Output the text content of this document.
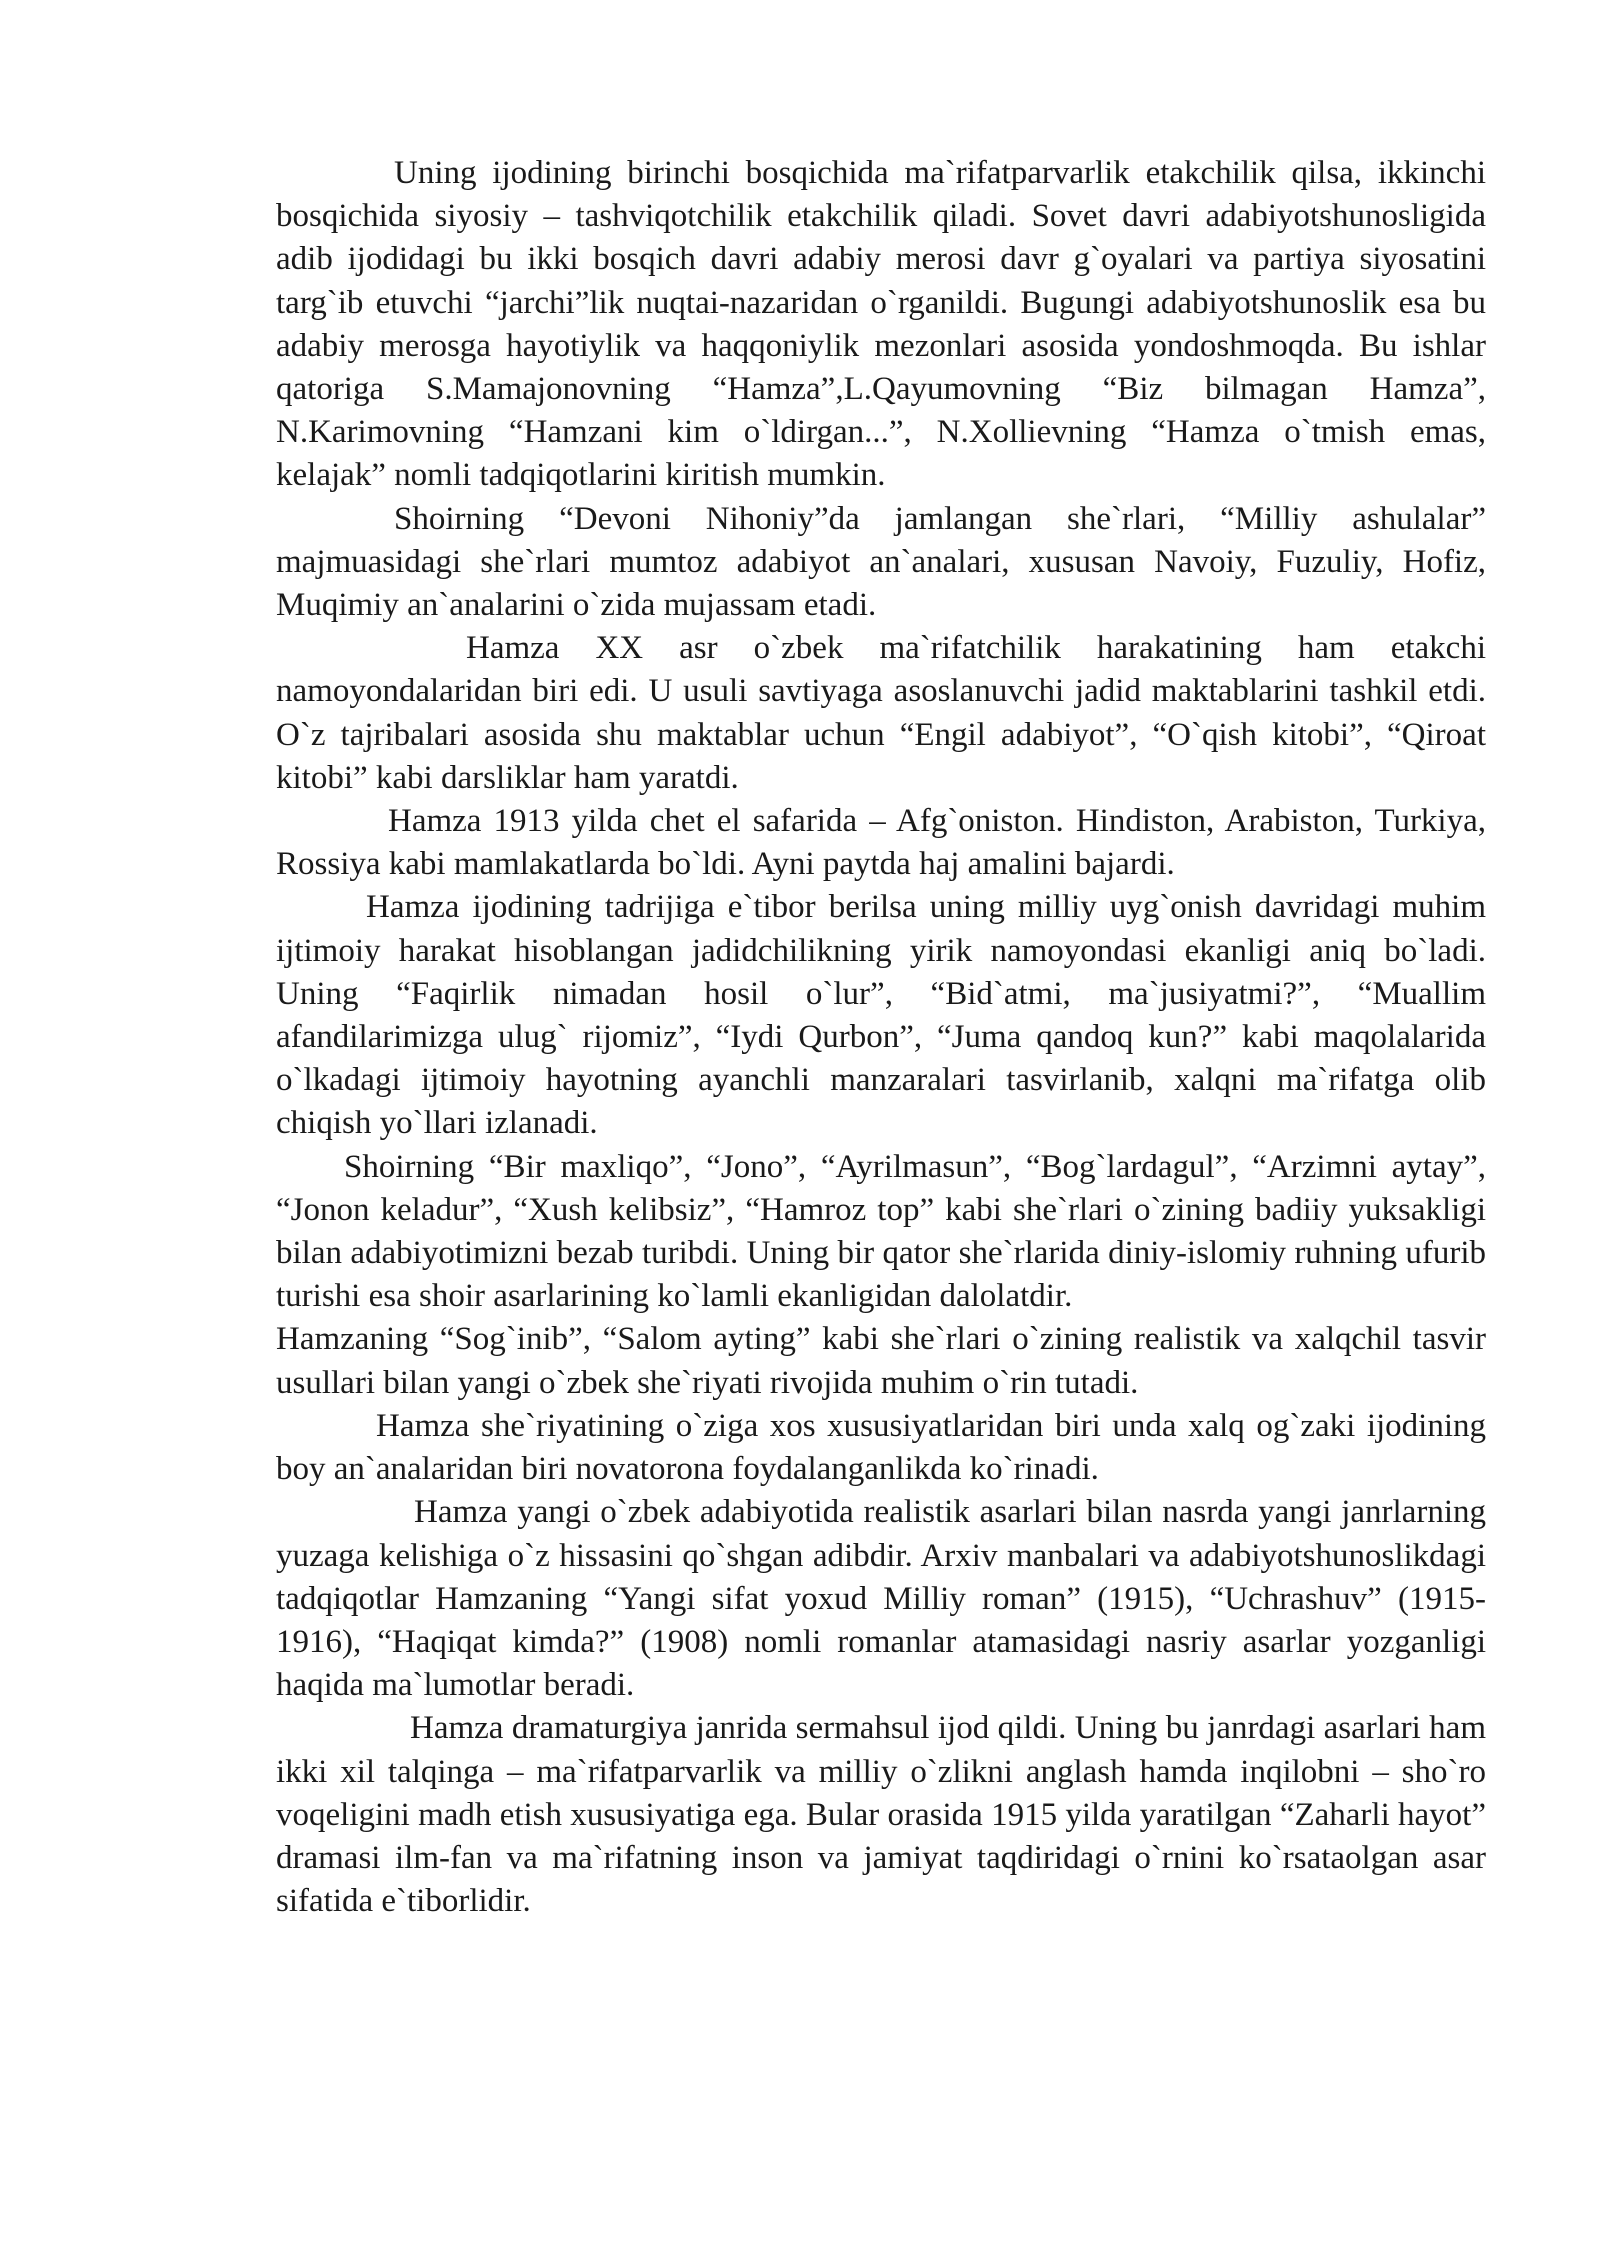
Uning ijodining birinchi bosqichida ma`rifatparvarlik etakchilik qilsa, ikkinchi bosqichida siyosiy – tashviqotchilik etakchilik qiladi. Sovet davri adabiyotshunosligida adib ijodidagi bu ikki bosqich davri adabiy merosi davr g`oyalari va partiya siyosatini targ`ib etuvchi “jarchi”lik nuqtai-nazaridan o`rganildi. Bugungi adabiyotshunoslik esa bu adabiy merosga hayotiylik va haqqoniylik mezonlari asosida yondoshmoqda. Bu ishlar qatoriga S.Mamajonovning “Hamza”,L.Qayumovning “Biz bilmagan Hamza”, N.Karimovning “Hamzani kim o`ldirgan...”, N.Xollievning “Hamza o`tmish emas, kelajak” nomli tadqiqotlarini kiritish mumkin.

Shoirning “Devoni Nihoniy”da jamlangan she`rlari, “Milliy ashulalar” majmuasidagi she`rlari mumtoz adabiyot an`analari, xususan Navoiy, Fuzuliy, Hofiz, Muqimiy an`analarini o`zida mujassam etadi.

Hamza XX asr o`zbek ma`rifatchilik harakatining ham etakchi namoyondalaridan biri edi. U usuli savtiyaga asoslanuvchi jadid maktablarini tashkil etdi. O`z tajribalari asosida shu maktablar uchun “Engil adabiyot”, “O`qish kitobi”, “Qiroat kitobi” kabi darsliklar ham yaratdi.

Hamza 1913 yilda chet el safarida – Afg`oniston. Hindiston, Arabiston, Turkiya, Rossiya kabi mamlakatlarda bo`ldi. Ayni paytda haj amalini bajardi.

Hamza ijodining tadrijiga e`tibor berilsa uning milliy uyg`onish davridagi muhim ijtimoiy harakat hisoblangan jadidchilikning yirik namoyondasi ekanligi aniq bo`ladi. Uning “Faqirlik nimadan hosil o`lur”, “Bid`atmi, ma`jusiyatmi?”, “Muallim afandilarimizga ulug` rijomiz”, “Iydi Qurbon”, “Juma qandoq kun?” kabi maqolalarida o`lkadagi ijtimoiy hayotning ayanchli manzaralari tasvirlanib, xalqni ma`rifatga olib chiqish yo`llari izlanadi.

Shoirning “Bir maxliqo”, “Jono”, “Ayrilmasun”, “Bog`lardagul”, “Arzimni aytay”, “Jonon keladur”, “Xush kelibsiz”, “Hamroz top” kabi she`rlari o`zining badiiy yuksakligi bilan adabiyotimizni bezab turibdi. Uning bir qator she`rlarida diniy-islomiy ruhning ufurib turishi esa shoir asarlarining ko`lamli ekanligidan dalolatdir.

Hamzaning “Sog`inib”, “Salom ayting” kabi she`rlari o`zining realistik va xalqchil tasvir usullari bilan yangi o`zbek she`riyati rivojida muhim o`rin tutadi.

Hamza she`riyatining o`ziga xos xususiyatlaridan biri unda xalq og`zaki ijodining boy an`analaridan biri novatorona foydalanganlikda ko`rinadi.

Hamza yangi o`zbek adabiyotida realistik asarlari bilan nasrda yangi janrlarning yuzaga kelishiga o`z hissasini qo`shgan adibdir. Arxiv manbalari va adabiyotshunoslikdagi tadqiqotlar Hamzaning “Yangi sifat yoxud Milliy roman” (1915), “Uchrashuv” (1915-1916), “Haqiqat kimda?” (1908) nomli romanlar atamasidagi nasriy asarlar yozganligi haqida ma`lumotlar beradi.

Hamza dramaturgiya janrida sermahsul ijod qildi. Uning bu janrdagi asarlari ham ikki xil talqinga – ma`rifatparvarlik va milliy o`zlikni anglash hamda inqilobni – sho`ro voqeligini madh etish xususiyatiga ega. Bular orasida 1915 yilda yaratilgan “Zaharli hayot” dramasi ilm-fan va ma`rifatning inson va jamiyat taqdiridagi o`rnini ko`rsataolgan asar sifatida e`tiborlidir.
